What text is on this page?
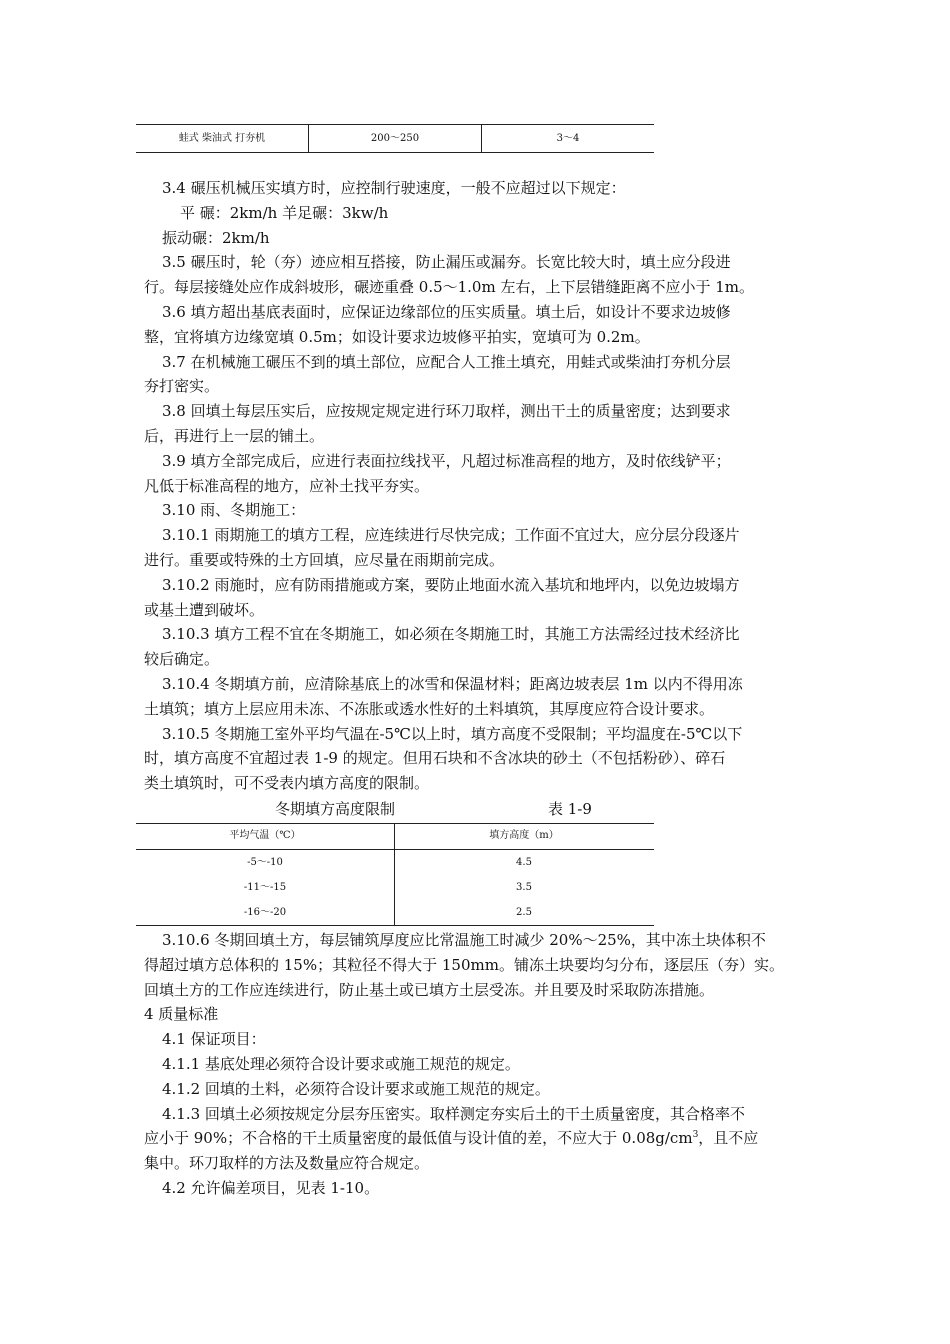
蛙式 柴油式 打夯机	200～250	3～4

3.4 碾压机械压实填方时，应控制行驶速度，一般不应超过以下规定：

平 碾：2km/h 羊足碾：3kw/h

振动碾：2km/h

3.5 碾压时，轮（夯）迹应相互搭接，防止漏压或漏夯。长宽比较大时，填土应分段进

行。每层接缝处应作成斜坡形，碾迹重叠 0.5～1.0m 左右，上下层错缝距离不应小于 1m。

3.6 填方超出基底表面时，应保证边缘部位的压实质量。填土后，如设计不要求边坡修

整，宜将填方边缘宽填 0.5m；如设计要求边坡修平拍实，宽填可为 0.2m。

3.7 在机械施工碾压不到的填土部位，应配合人工推土填充，用蛙式或柴油打夯机分层

夯打密实。

3.8 回填土每层压实后，应按规定规定进行环刀取样，测出干土的质量密度；达到要求

后，再进行上一层的铺土。

3.9 填方全部完成后，应进行表面拉线找平，凡超过标准高程的地方，及时依线铲平；

凡低于标准高程的地方，应补土找平夯实。

3.10 雨、冬期施工：

3.10.1 雨期施工的填方工程，应连续进行尽快完成；工作面不宜过大，应分层分段逐片

进行。重要或特殊的土方回填，应尽量在雨期前完成。

3.10.2 雨施时，应有防雨措施或方案，要防止地面水流入基坑和地坪内，以免边坡塌方

或基土遭到破坏。

3.10.3 填方工程不宜在冬期施工，如必须在冬期施工时，其施工方法需经过技术经济比

较后确定。

3.10.4 冬期填方前，应清除基底上的冰雪和保温材料；距离边坡表层 1m 以内不得用冻

土填筑；填方上层应用未冻、不冻胀或透水性好的土料填筑，其厚度应符合设计要求。

3.10.5 冬期施工室外平均气温在-5℃以上时，填方高度不受限制；平均温度在-5℃以下

时，填方高度不宜超过表 1-9 的规定。但用石块和不含冰块的砂土（不包括粉砂）、碎石

类土填筑时，可不受表内填方高度的限制。

冬期填方高度限制	表 1-9
平均气温（℃）	填方高度（m）
-5～-10	4.5
-11～-15	3.5
-16～-20	2.5

3.10.6 冬期回填土方，每层铺筑厚度应比常温施工时减少 20%～25%，其中冻土块体积不

得超过填方总体积的 15%；其粒径不得大于 150mm。铺冻土块要均匀分布，逐层压（夯）实。

回填土方的工作应连续进行，防止基土或已填方土层受冻。并且要及时采取防冻措施。

4 质量标准

4.1 保证项目：

4.1.1 基底处理必须符合设计要求或施工规范的规定。

4.1.2 回填的土料，必须符合设计要求或施工规范的规定。

4.1.3 回填土必须按规定分层夯压密实。取样测定夯实后土的干土质量密度，其合格率不

应小于 90%；不合格的干土质量密度的最低值与设计值的差，不应大于 $0.08g/cm^3$，且不应

集中。环刀取样的方法及数量应符合规定。

4.2 允许偏差项目，见表 1-10。
